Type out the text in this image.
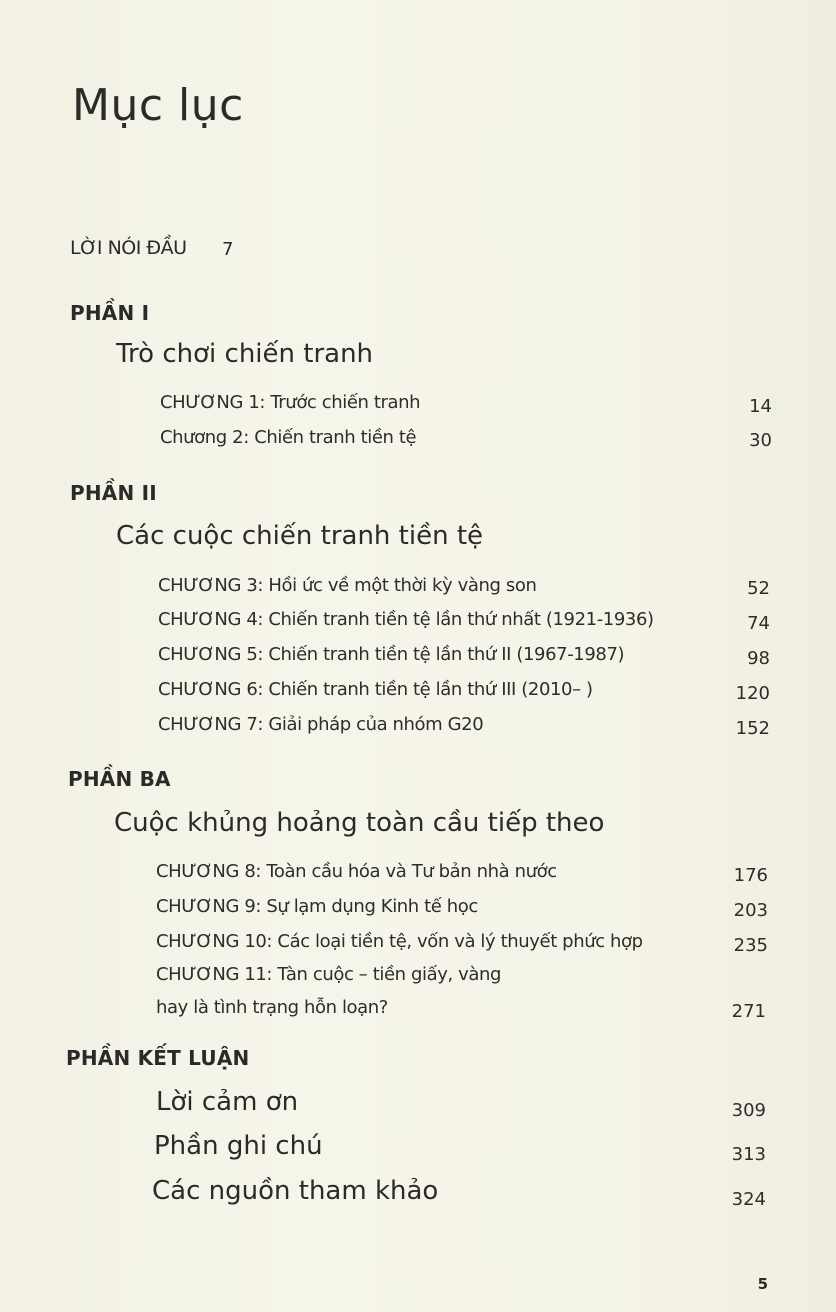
Mục lục
LỜI NÓI ĐẦU 7
PHẦN I
Trò chơi chiến tranh
CHƯƠNG 1: Trước chiến tranh	14
Chương 2: Chiến tranh tiền tệ	30
PHẦN II
Các cuộc chiến tranh tiền tệ
CHƯƠNG 3: Hồi ức về một thời kỳ vàng son	52
CHƯƠNG 4: Chiến tranh tiền tệ lần thứ nhất (1921-1936)	74
CHƯƠNG 5: Chiến tranh tiền tệ lần thứ II (1967-1987)	98
CHƯƠNG 6: Chiến tranh tiền tệ lần thứ III (2010– )	120
CHƯƠNG 7: Giải pháp của nhóm G20	152
PHẦN BA
Cuộc khủng hoảng toàn cầu tiếp theo
CHƯƠNG 8: Toàn cầu hóa và Tư bản nhà nước	176
CHƯƠNG 9: Sự lạm dụng Kinh tế học	203
CHƯƠNG 10: Các loại tiền tệ, vốn và lý thuyết phức hợp	235
CHƯƠNG 11: Tàn cuộc – tiền giấy, vàng
hay là tình trạng hỗn loạn?	271
PHẦN KẾT LUẬN
Lời cảm ơn	309
Phần ghi chú	313
Các nguồn tham khảo	324
5
